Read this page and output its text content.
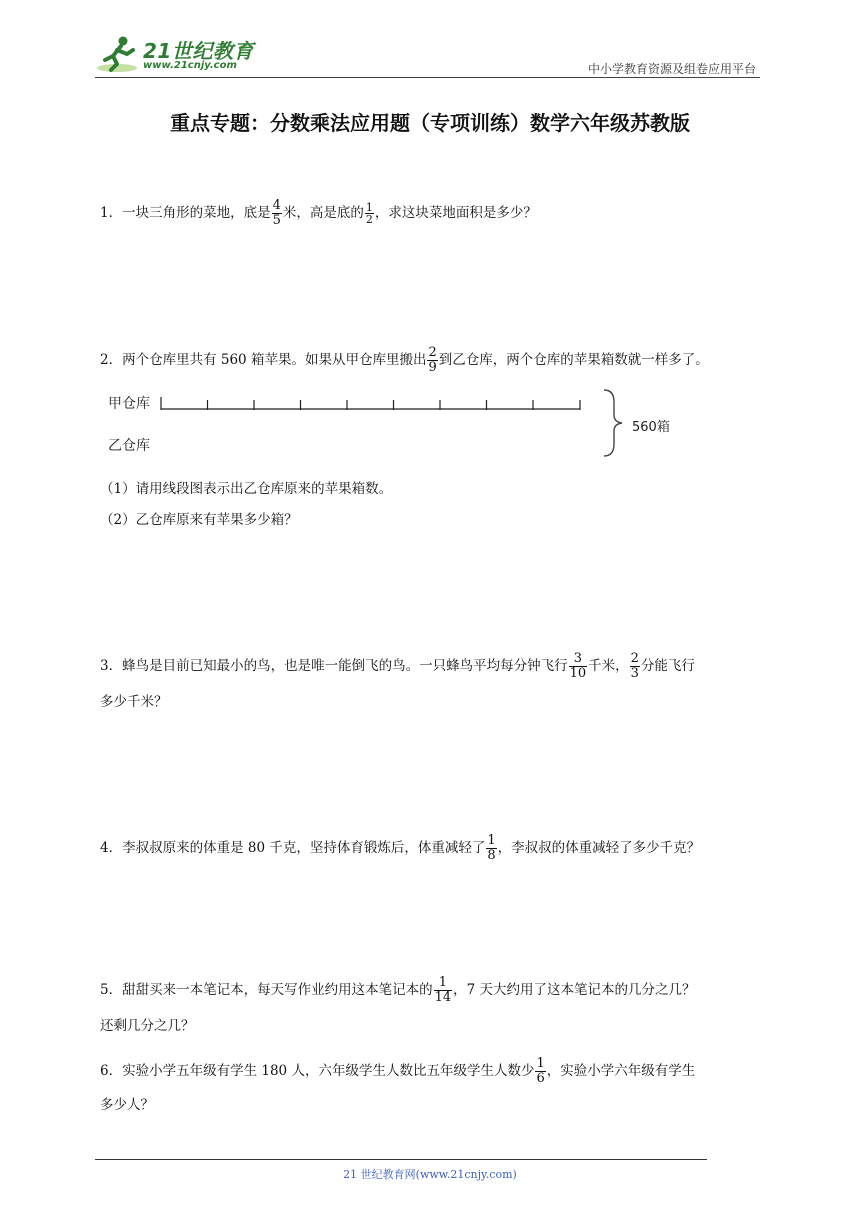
21世纪教育
www.21cnjy.com	中小学教育资源及组卷应用平台
重点专题：分数乘法应用题（专项训练）数学六年级苏教版
1．一块三角形的菜地，底是 $\frac{4}{5}$ 米，高是底的 $\frac{1}{2}$ ，求这块菜地面积是多少？
2．两个仓库里共有 560 箱苹果。如果从甲仓库里搬出 $\frac{2}{9}$ 到乙仓库，两个仓库的苹果箱数就一样多了。
甲仓库
乙仓库
560箱
（1）请用线段图表示出乙仓库原来的苹果箱数。
（2）乙仓库原来有苹果多少箱？
3．蜂鸟是目前已知最小的鸟，也是唯一能倒飞的鸟。一只蜂鸟平均每分钟飞行 $\frac{3}{10}$ 千米， $\frac{2}{3}$ 分能飞行
多少千米？
4．李叔叔原来的体重是 80 千克，坚持体育锻炼后，体重减轻了 $\frac{1}{8}$ ，李叔叔的体重减轻了多少千克？
5．甜甜买来一本笔记本，每天写作业约用这本笔记本的 $\frac{1}{14}$ ，7 天大约用了这本笔记本的几分之几？
还剩几分之几？
6．实验小学五年级有学生 180 人，六年级学生人数比五年级学生人数少 $\frac{1}{6}$ ，实验小学六年级有学生
多少人？
21 世纪教育网(www.21cnjy.com)
